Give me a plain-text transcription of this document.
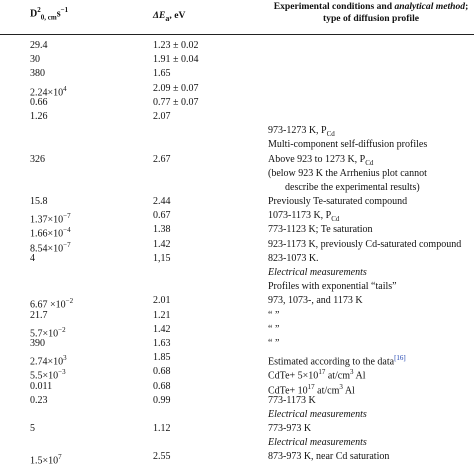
$D^2_{0, cm}s^{-1}$	$\Delta E_a$, eV
Experimental conditions and analytical method;
type of diffusion profile
29.4	1.23 ± 0.02
30	1.91 ± 0.04
380	1.65
$2.24\times 10^4$	2.09 ± 0.07
0.66	0.77 ± 0.07
1.26	2.07
973-1273 K, $P_{Cd}$
Multi-component self-diffusion profiles
326	2.67	Above 923 to 1273 K, $P_{Cd}$
(below 923 K the Arrhenius plot cannot
describe the experimental results)
15.8	2.44	Previously Te-saturated compound
$1.37\times 10^{-7}$	0.67	1073-1173 K, $P_{Cd}$
$1.66\times 10^{-4}$	1.38	773-1123 K; Te saturation
$8.54\times 10^{-7}$	1.42	923-1173 K, previously Cd-saturated compound
4	1,15	823-1073 K.
Electrical measurements
Profiles with exponential “tails”
$6.67 \times 10^{-2}$	2.01	973, 1073-, and 1173 K
21.7	1.21	“ ”
$5.7\times 10^{-2}$	1.42	“ ”
390	1.63	“ ”
$2.74\times 10^3$	1.85	Estimated according to the data[16]
$5.5\times 10^{-3}$	0.68	CdTe+ $5\times 10^{17}$ $at/cm^3$ Al
0.011	0.68	CdTe+ $10^{17}$ $at/cm^3$ Al
0.23	0.99	773-1173 K
Electrical measurements
5	1.12	773-973 K
Electrical measurements
$1.5\times 10^7$	2.55	873-973 K, near Cd saturation
